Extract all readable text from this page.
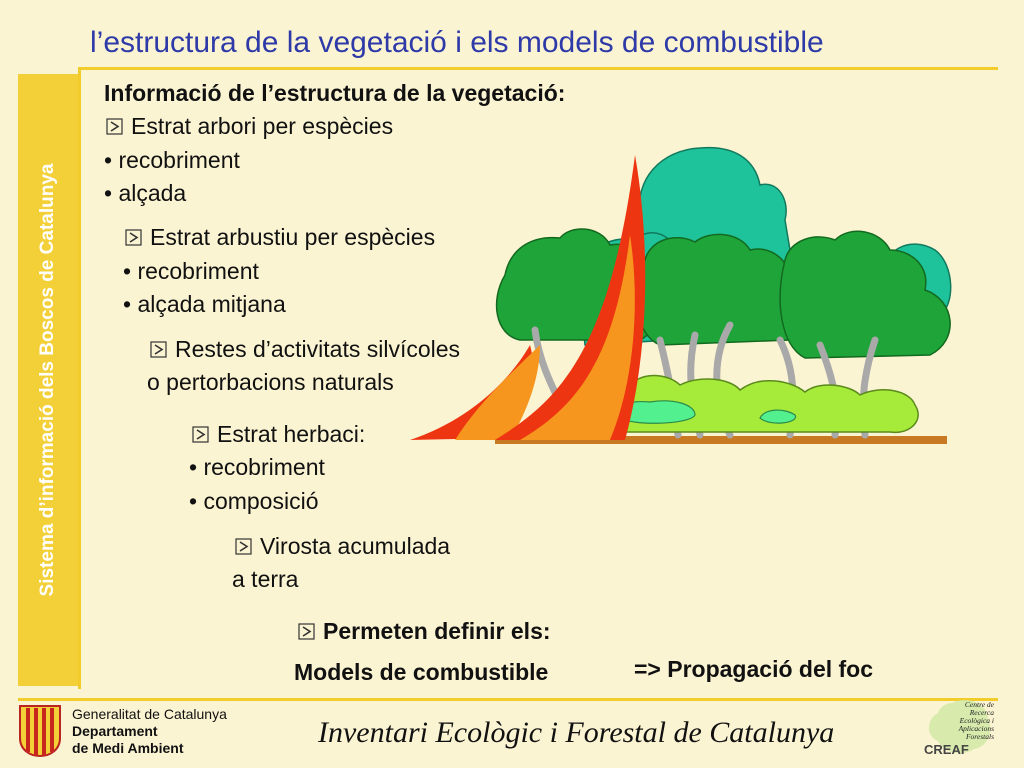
l’estructura de la vegetació i els models de combustible
Sistema d’informació dels Boscos de Catalunya
Informació de l’estructura de la vegetació:
Estrat arbori per espècies
• recobriment
• alçada
Estrat arbustiu per espècies
• recobriment
• alçada mitjana
Restes d’activitats silvícoles
o pertorbacions naturals
Estrat herbaci:
• recobriment
• composició
Virosta acumulada
a terra
Permeten definir els:
Models de combustible	=> Propagació del foc
Generalitat de Catalunya
Departament
de Medi Ambient	Inventari Ecològic i Forestal de Catalunya
Centre de
Recerca
Ecològica i
Aplicacions
Forestals
CREAF
